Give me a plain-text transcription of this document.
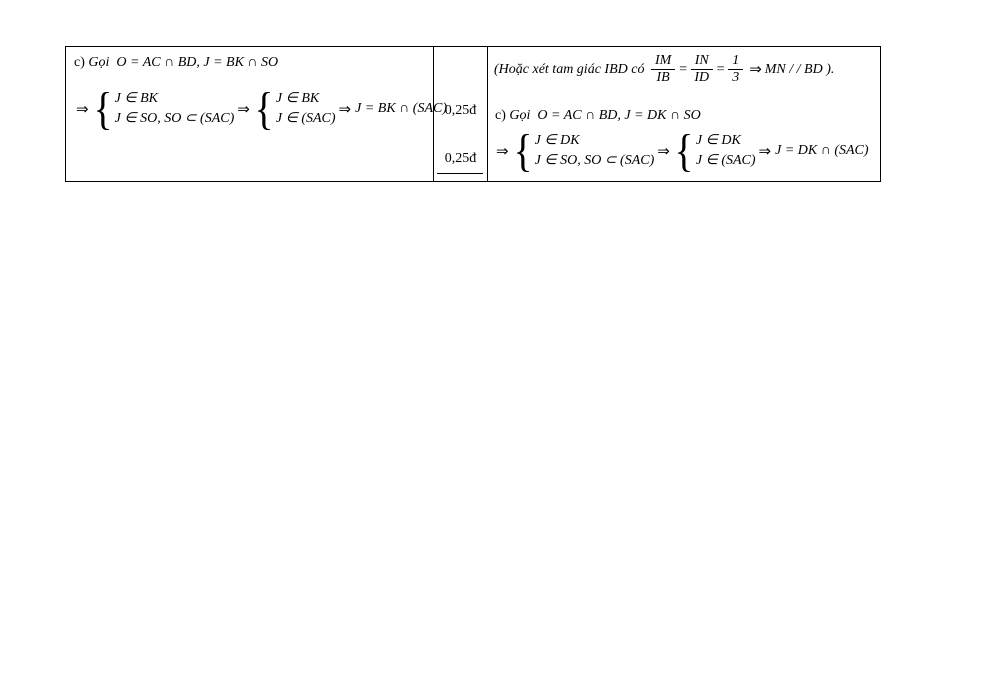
c) Gọi  O = AC ∩ BD, J = BK ∩ SO
⇒ { J ∈ BK
J ∈ SO, SO ⊂ (SAC)
⇒ { J ∈ BK
J ∈ (SAC)
⇒ J = BK ∩ (SAC)
0,25đ
0,25đ
(Hoặc xét tam giác IBD có $\frac{IM}{IB} = \frac{IN}{ID} = \frac{1}{3}$ ⇒ MN / / BD ).
c) Gọi  O = AC ∩ BD, J = DK ∩ SO
⇒ { J ∈ DK
J ∈ SO, SO ⊂ (SAC)
⇒ { J ∈ DK
J ∈ (SAC)
⇒ J = DK ∩ (SAC)
